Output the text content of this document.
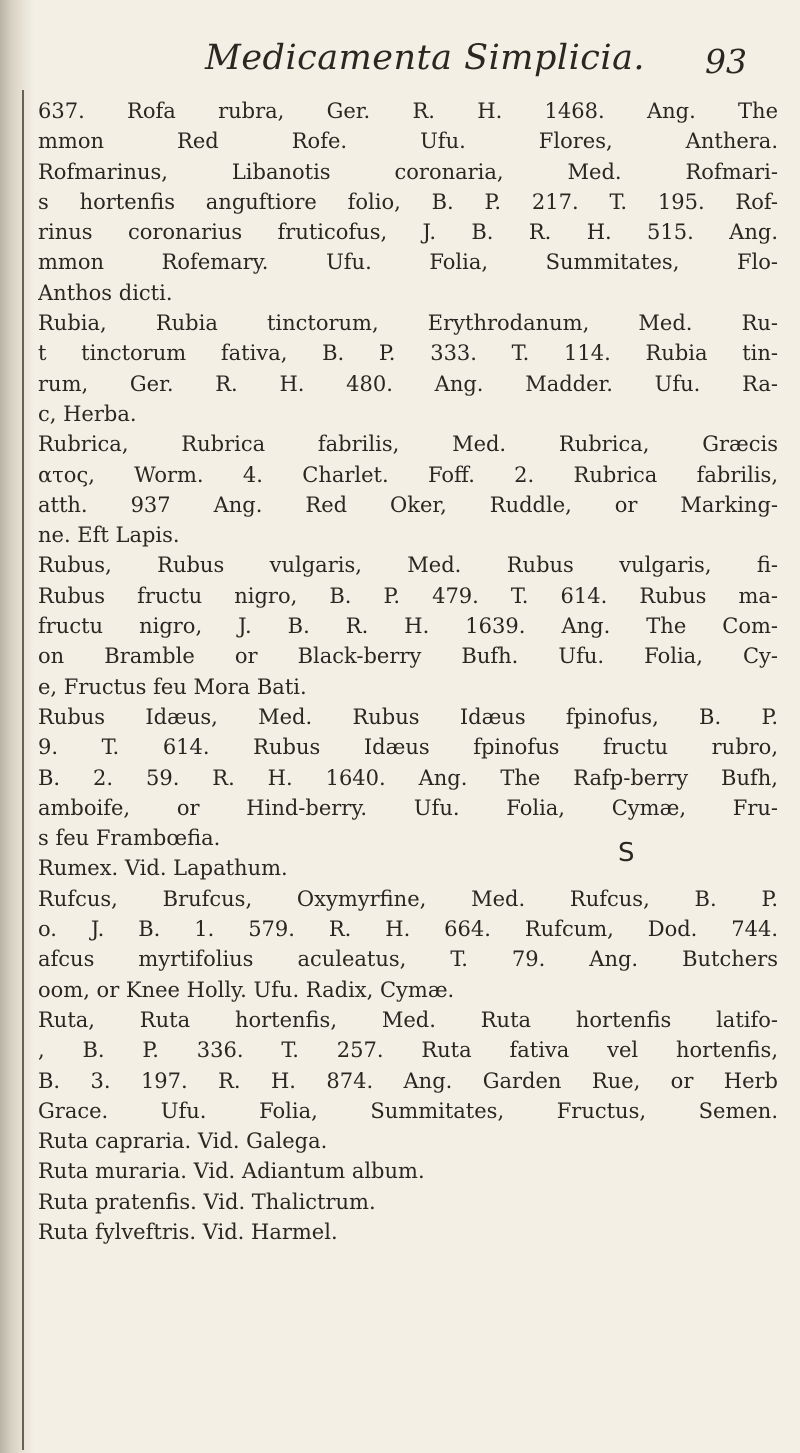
Medicamenta Simplicia. 93
637. Rofa rubra, Ger. R. H. 1468. Ang. The
mmon Red Rofe. Ufu. Flores, Anthera.
Rofmarinus, Libanotis coronaria, Med. Rofmari-
s hortenfis anguftiore folio, B. P. 217. T. 195. Rof-
rinus coronarius fruticofus, J. B. R. H. 515. Ang.
mmon Rofemary. Ufu. Folia, Summitates, Flo-
Anthos dicti.
Rubia, Rubia tinctorum, Erythrodanum, Med. Ru-
t tinctorum fativa, B. P. 333. T. 114. Rubia tin-
rum, Ger. R. H. 480. Ang. Madder. Ufu. Ra-
c, Herba.
Rubrica, Rubrica fabrilis, Med. Rubrica, Græcis
ατος, Worm. 4. Charlet. Foff. 2. Rubrica fabrilis,
atth. 937 Ang. Red Oker, Ruddle, or Marking-
ne. Eft Lapis.
Rubus, Rubus vulgaris, Med. Rubus vulgaris, fi-
Rubus fructu nigro, B. P. 479. T. 614. Rubus ma-
fructu nigro, J. B. R. H. 1639. Ang. The Com-
on Bramble or Black-berry Bufh. Ufu. Folia, Cy-
e, Fructus feu Mora Bati.
Rubus Idæus, Med. Rubus Idæus fpinofus, B. P.
9. T. 614. Rubus Idæus fpinofus fructu rubro,
B. 2. 59. R. H. 1640. Ang. The Rafp-berry Bufh,
amboife, or Hind-berry. Ufu. Folia, Cymæ, Fru-
s feu Frambœfia.
Rumex. Vid. Lapathum.
Rufcus, Brufcus, Oxymyrfine, Med. Rufcus, B. P.
o. J. B. 1. 579. R. H. 664. Rufcum, Dod. 744.
afcus myrtifolius aculeatus, T. 79. Ang. Butchers
oom, or Knee Holly. Ufu. Radix, Cymæ.
Ruta, Ruta hortenfis, Med. Ruta hortenfis latifo-
, B. P. 336. T. 257. Ruta fativa vel hortenfis,
B. 3. 197. R. H. 874. Ang. Garden Rue, or Herb
Grace. Ufu. Folia, Summitates, Fructus, Semen.
Ruta capraria. Vid. Galega.
Ruta muraria. Vid. Adiantum album.
Ruta pratenfis. Vid. Thalictrum.
Ruta fylveftris. Vid. Harmel.
S
